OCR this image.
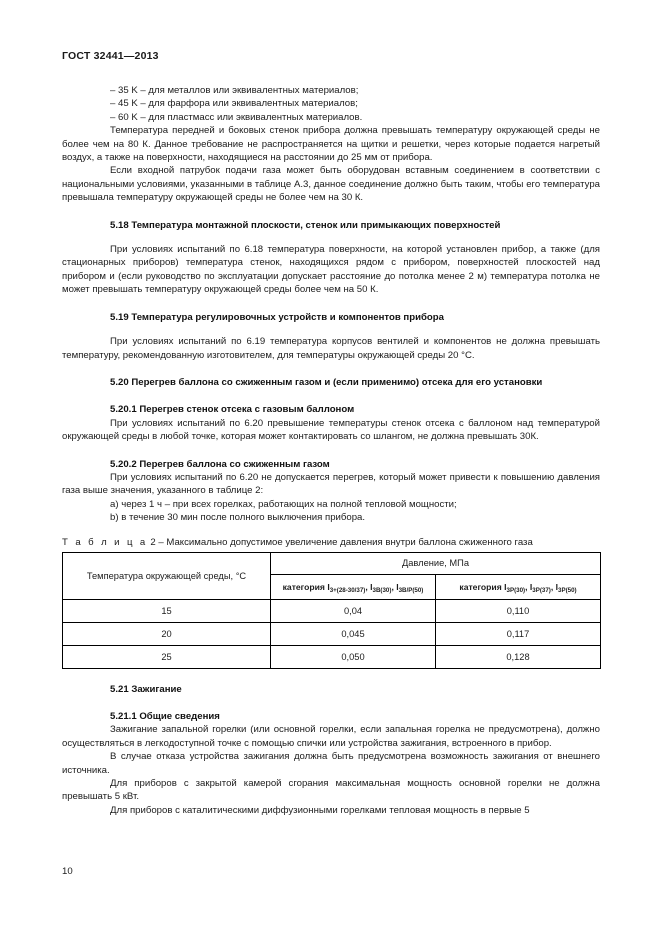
ГОСТ 32441—2013

– 35 K – для металлов или эквивалентных материалов;

– 45 K – для фарфора или эквивалентных материалов;

– 60 K – для пластмасс или эквивалентных материалов.

Температура передней и боковых стенок прибора должна превышать температуру окружающей среды не более чем на 80 К. Данное требование не распространяется на щитки и решетки, через которые подается нагретый воздух, а также на поверхности, находящиеся на расстоянии до 25 мм от прибора.

Если входной патрубок подачи газа может быть оборудован вставным соединением в соответствии с национальными условиями, указанными в таблице А.3, данное соединение должно быть таким, чтобы его температура превышала температуру окружающей среды не более чем на 30 К.

5.18 Температура монтажной плоскости, стенок или примыкающих поверхностей

При условиях испытаний по 6.18 температура поверхности, на которой установлен прибор, а также (для стационарных приборов) температура стенок, находящихся рядом с прибором, поверхностей плоскостей над прибором и (если руководство по эксплуатации допускает расстояние до потолка менее 2 м) температура потолка не может превышать температуру окружающей среды более чем на 50 К.

5.19 Температура регулировочных устройств и компонентов прибора

При условиях испытаний по 6.19 температура корпусов вентилей и компонентов не должна превышать температуру, рекомендованную изготовителем, для температуры окружающей среды 20 °С.

5.20 Перегрев баллона со сжиженным газом и (если применимо) отсека для его установки
5.20.1 Перегрев стенок отсека с газовым баллоном

При условиях испытаний по 6.20 превышение температуры стенок отсека с баллоном над температурой окружающей среды в любой точке, которая может контактировать со шлангом, не должна превышать 30К.

5.20.2 Перегрев баллона со сжиженным газом

При условиях испытаний по 6.20 не допускается перегрев, который может привести к повышению давления газа выше значения, указанного в таблице 2:

a) через 1 ч – при всех горелках, работающих на полной тепловой мощности;

b) в течение 30 мин после полного выключения прибора.

Т а б л и ц а 2 – Максимально допустимое увеличение давления внутри баллона сжиженного газа
Температура окружающей среды, °С	Давление, МПа	
	категория $I_{3+(28-30/37)}$, $I_{3B(30)}$, $I_{3B/P(50)}$	категория $I_{3P(30)}$, $I_{3P(37)}$, $I_{3P(50)}$
15	0,04	0,110
20	0,045	0,117
25	0,050	0,128
5.21 Зажигание
5.21.1 Общие сведения

Зажигание запальной горелки (или основной горелки, если запальная горелка не предусмотрена), должно осуществляться в легкодоступной точке с помощью спички или устройства зажигания, встроенного в прибор.

В случае отказа устройства зажигания должна быть предусмотрена возможность зажигания от внешнего источника.

Для приборов с закрытой камерой сгорания максимальная мощность основной горелки не должна превышать 5 кВт.

Для приборов с каталитическими диффузионными горелками тепловая мощность в первые 5

10
